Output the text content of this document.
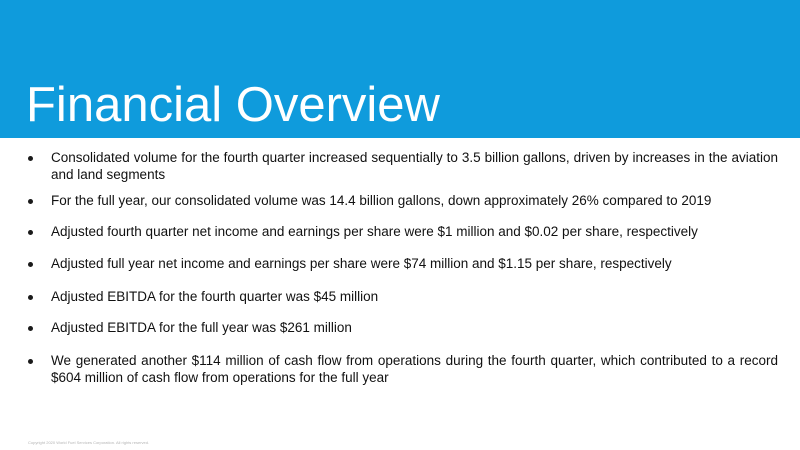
Financial Overview
Consolidated volume for the fourth quarter increased sequentially to 3.5 billion gallons, driven by increases in the aviation and land segments
For the full year, our consolidated volume was 14.4 billion gallons, down approximately 26% compared to 2019
Adjusted fourth quarter net income and earnings per share were $1 million and $0.02 per share, respectively
Adjusted full year net income and earnings per share were $74 million and $1.15 per share, respectively
Adjusted EBITDA for the fourth quarter was $45 million
Adjusted EBITDA for the full year was $261 million
We generated another $114 million of cash flow from operations during the fourth quarter, which contributed to a record $604 million of cash flow from operations for the full year
Copyright 2020 World Fuel Services Corporation. All rights reserved.
